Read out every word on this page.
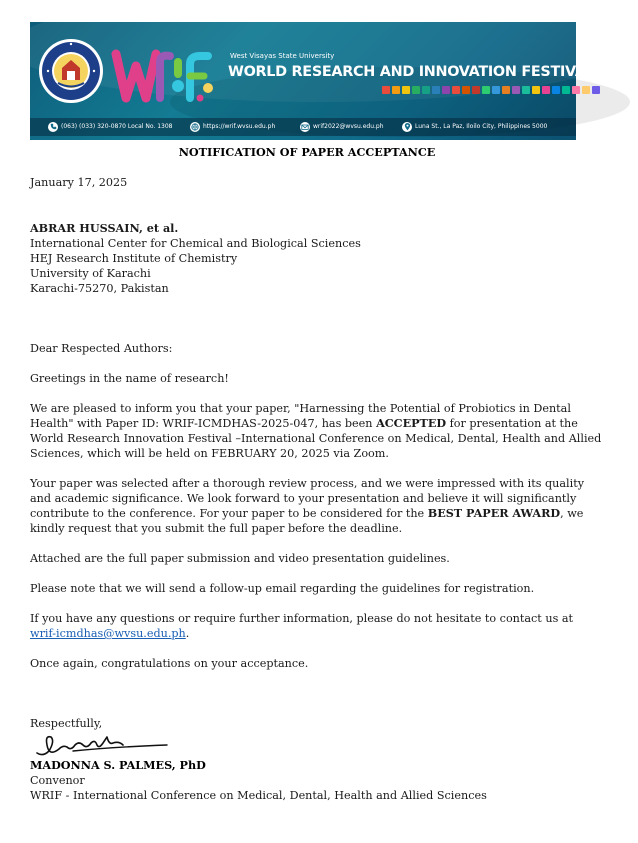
West Visayas State University
WORLD RESEARCH AND INNOVATION FESTIVAL 2025
(063) (033) 320-0870 Local No. 1308	https://wrif.wvsu.edu.ph	wrif2022@wvsu.edu.ph	Luna St., La Paz, Iloilo City, Philippines 5000
NOTIFICATION OF PAPER ACCEPTANCE
January 17, 2025
ABRAR HUSSAIN, et al.
International Center for Chemical and Biological Sciences
HEJ Research Institute of Chemistry
University of Karachi
Karachi-75270, Pakistan
Dear Respected Authors:
Greetings in the name of research!
We are pleased to inform you that your paper, "Harnessing the Potential of Probiotics in Dental
Health" with Paper ID: WRIF-ICMDHAS-2025-047, has been ACCEPTED for presentation at the
World Research Innovation Festival –International Conference on Medical, Dental, Health and Allied
Sciences, which will be held on FEBRUARY 20, 2025 via Zoom.
Your paper was selected after a thorough review process, and we were impressed with its quality
and academic significance. We look forward to your presentation and believe it will significantly
contribute to the conference. For your paper to be considered for the BEST PAPER AWARD, we
kindly request that you submit the full paper before the deadline.
Attached are the full paper submission and video presentation guidelines.
Please note that we will send a follow-up email regarding the guidelines for registration.
If you have any questions or require further information, please do not hesitate to contact us at
wrif-icmdhas@wvsu.edu.ph.
Once again, congratulations on your acceptance.
Respectfully,
MADONNA S. PALMES, PhD
Convenor
WRIF - International Conference on Medical, Dental, Health and Allied Sciences
